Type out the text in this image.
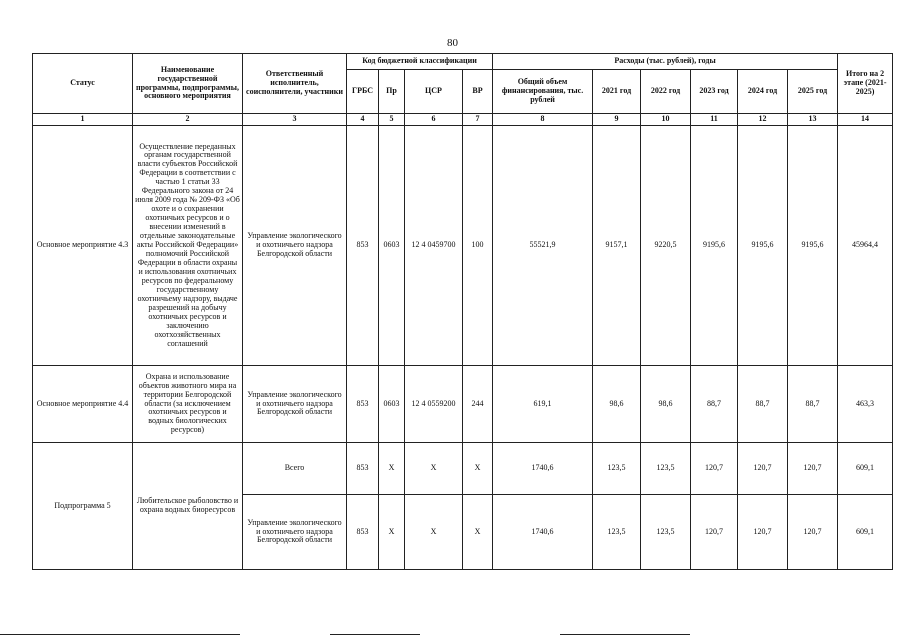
80
Статус	Наименование государственной программы, подпрограммы, основного мероприятия	Ответственный исполнитель, соисполнители, участники	Код бюджетной классификации				Расходы (тыс. рублей), годы						Итого на 2 этапе (2021-2025)
			ГРБС	Пр	ЦСР	ВР	Общий объем финансирования, тыс. рублей	2021 год	2022 год	2023 год	2024 год	2025 год	
1	2	3	4	5	6	7	8	9	10	11	12	13	14
Основное мероприятие 4.3	Осуществление переданных органам государственной власти субъектов Российской Федерации в соответствии с частью 1 статьи 33 Федерального закона от 24 июля 2009 года № 209-ФЗ «Об охоте и о сохранении охотничьих ресурсов и о внесении изменений в отдельные законодательные акты Российской Федерации» полномочий Российской Федерации в области охраны и использования охотничьих ресурсов по федеральному государственному охотничьему надзору, выдаче разрешений на добычу охотничьих ресурсов и заключению охотхозяйственных соглашений	Управление экологического и охотничьего надзора Белгородской области	853	0603	12 4 0459700	100	55521,9	9157,1	9220,5	9195,6	9195,6	9195,6	45964,4
Основное мероприятие 4.4	Охрана и использование объектов животного мира на территории Белгородской области (за исключением охотничьих ресурсов и водных биологических ресурсов)	Управление экологического и охотничьего надзора Белгородской области	853	0603	12 4 0559200	244	619,1	98,6	98,6	88,7	88,7	88,7	463,3
Подпрограмма 5	Любительское рыболовство и охрана водных биоресурсов	Всего	853	Х	Х	Х	1740,6	123,5	123,5	120,7	120,7	120,7	609,1
		Управление экологического и охотничьего надзора Белгородской области	853	Х	Х	Х	1740,6	123,5	123,5	120,7	120,7	120,7	609,1
